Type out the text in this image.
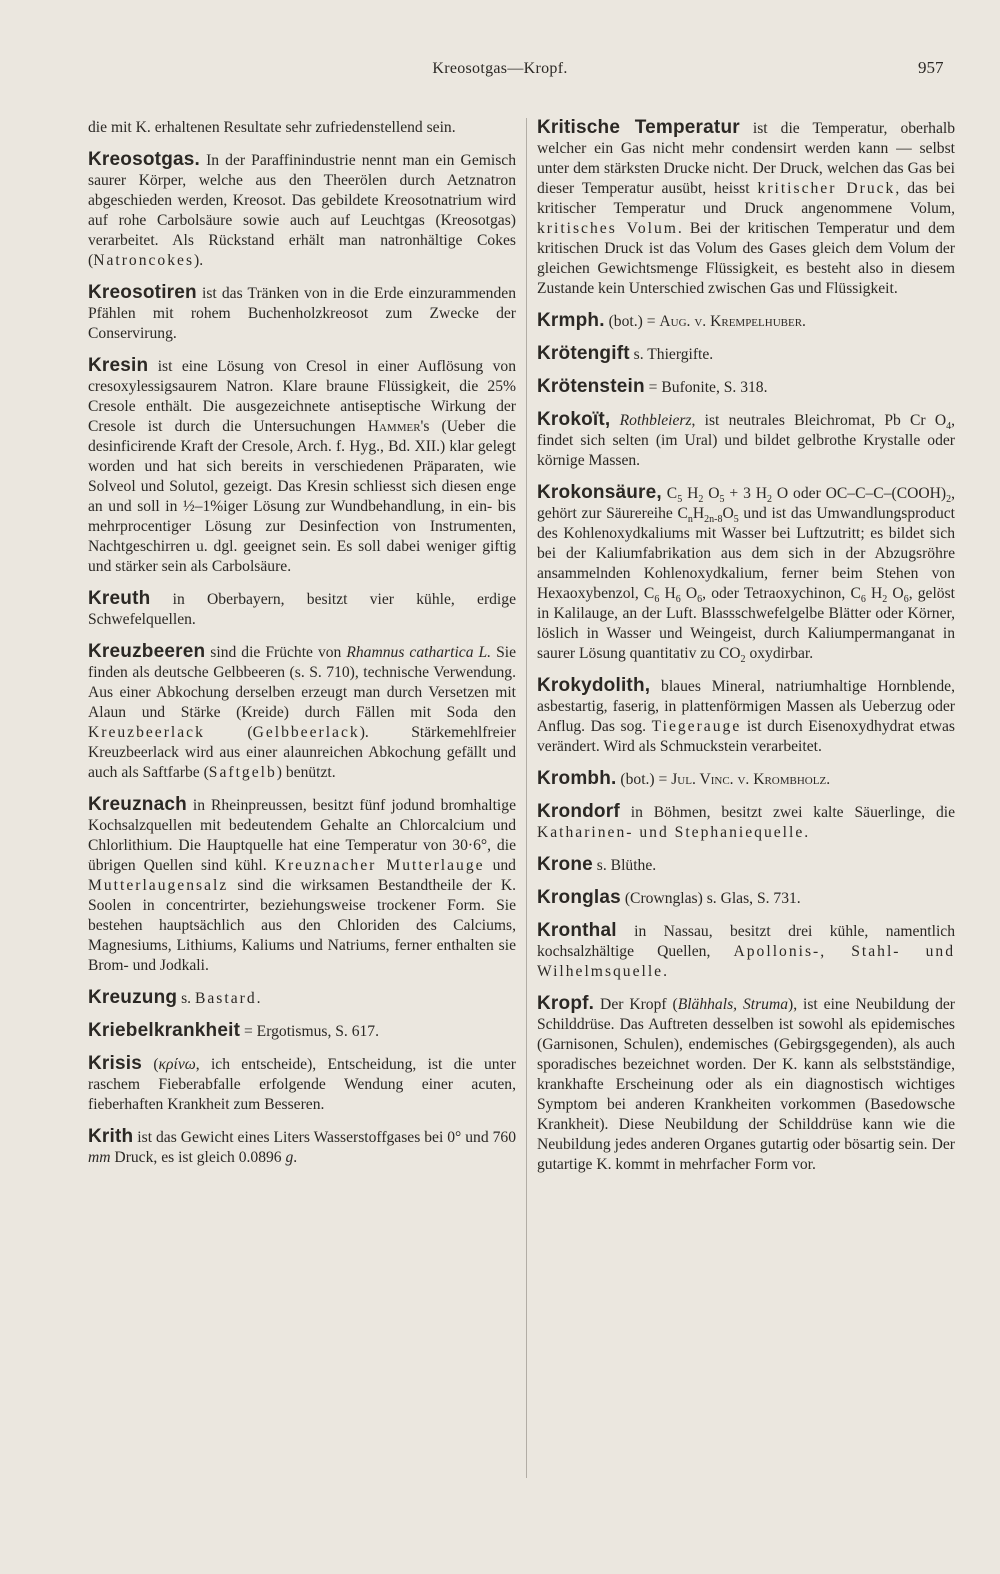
Kreosotgas—Kropf.	957

die mit K. erhaltenen Resultate sehr zufriedenstellend sein.

Kreosotgas. In der Paraffinindustrie nennt man ein Gemisch saurer Körper, welche aus den Theerölen durch Aetznatron abgeschieden werden, Kreosot. Das gebildete Kreosotnatrium wird auf rohe Carbolsäure sowie auch auf Leuchtgas (Kreosotgas) verarbeitet. Als Rückstand erhält man natronhältige Cokes (Natroncokes).

Kreosotiren ist das Tränken von in die Erde einzurammenden Pfählen mit rohem Buchenholzkreosot zum Zwecke der Conservirung.

Kresin ist eine Lösung von Cresol in einer Auflösung von cresoxylessigsaurem Natron. Klare braune Flüssigkeit, die 25% Cresole enthält. Die ausgezeichnete antiseptische Wirkung der Cresole ist durch die Untersuchungen Hammer's (Ueber die desinficirende Kraft der Cresole, Arch. f. Hyg., Bd. XII.) klar gelegt worden und hat sich bereits in verschiedenen Präparaten, wie Solveol und Solutol, gezeigt. Das Kresin schliesst sich diesen enge an und soll in ½–1%iger Lösung zur Wundbehandlung, in ein- bis mehrprocentiger Lösung zur Desinfection von Instrumenten, Nachtgeschirren u. dgl. geeignet sein. Es soll dabei weniger giftig und stärker sein als Carbolsäure.

Kreuth in Oberbayern, besitzt vier kühle, erdige Schwefelquellen.

Kreuzbeeren sind die Früchte von Rhamnus cathartica L. Sie finden als deutsche Gelbbeeren (s. S. 710), technische Verwendung. Aus einer Abkochung derselben erzeugt man durch Versetzen mit Alaun und Stärke (Kreide) durch Fällen mit Soda den Kreuzbeerlack (Gelbbeerlack). Stärkemehlfreier Kreuzbeerlack wird aus einer alaunreichen Abkochung gefällt und auch als Saftfarbe (Saftgelb) benützt.

Kreuznach in Rheinpreussen, besitzt fünf jodund bromhaltige Kochsalzquellen mit bedeutendem Gehalte an Chlorcalcium und Chlorlithium. Die Hauptquelle hat eine Temperatur von 30·6°, die übrigen Quellen sind kühl. Kreuznacher Mutterlauge und Mutterlaugensalz sind die wirksamen Bestandtheile der K. Soolen in concentrirter, beziehungsweise trockener Form. Sie bestehen hauptsächlich aus den Chloriden des Calciums, Magnesiums, Lithiums, Kaliums und Natriums, ferner enthalten sie Brom- und Jodkali.

Kreuzung s. Bastard.

Kriebelkrankheit = Ergotismus, S. 617.

Krisis (κρίνω, ich entscheide), Entscheidung, ist die unter raschem Fieberabfalle erfolgende Wendung einer acuten, fieberhaften Krankheit zum Besseren.

Krith ist das Gewicht eines Liters Wasserstoffgases bei 0° und 760 mm Druck, es ist gleich 0.0896 g.

Kritische Temperatur ist die Temperatur, oberhalb welcher ein Gas nicht mehr condensirt werden kann — selbst unter dem stärksten Drucke nicht. Der Druck, welchen das Gas bei dieser Temperatur ausübt, heisst kritischer Druck, das bei kritischer Temperatur und Druck angenommene Volum, kritisches Volum. Bei der kritischen Temperatur und dem kritischen Druck ist das Volum des Gases gleich dem Volum der gleichen Gewichtsmenge Flüssigkeit, es besteht also in diesem Zustande kein Unterschied zwischen Gas und Flüssigkeit.

Krmph. (bot.) = Aug. v. Krempelhuber.

Krötengift s. Thiergifte.

Krötenstein = Bufonite, S. 318.

Krokoït, Rothbleierz, ist neutrales Bleichromat, Pb Cr $O_4$, findet sich selten (im Ural) und bildet gelbrothe Krystalle oder körnige Massen.

Krokonsäure, $C_5$ $H_2$ $O_5 + 3$ $H_2$ O oder $OC-C-C-(COOH)_2$, gehört zur Säurereihe $C_nH_{2n-8}O_5$ und ist das Umwandlungsproduct des Kohlenoxydkaliums mit Wasser bei Luftzutritt; es bildet sich bei der Kaliumfabrikation aus dem sich in der Abzugsröhre ansammelnden Kohlenoxydkalium, ferner beim Stehen von Hexaoxybenzol, $C_6$ $H_6$ $O_6$, oder Tetraoxychinon, $C_6$ $H_2$ $O_6$, gelöst in Kalilauge, an der Luft. Blassschwefelgelbe Blätter oder Körner, löslich in Wasser und Weingeist, durch Kaliumpermanganat in saurer Lösung quantitativ zu $CO_2$ oxydirbar.

Krokydolith, blaues Mineral, natriumhaltige Hornblende, asbestartig, faserig, in plattenförmigen Massen als Ueberzug oder Anflug. Das sog. Tiegerauge ist durch Eisenoxydhydrat etwas verändert. Wird als Schmuckstein verarbeitet.

Krombh. (bot.) = Jul. Vinc. v. Krombholz.

Krondorf in Böhmen, besitzt zwei kalte Säuerlinge, die Katharinen- und Stephaniequelle.

Krone s. Blüthe.

Kronglas (Crownglas) s. Glas, S. 731.

Kronthal in Nassau, besitzt drei kühle, namentlich kochsalzhältige Quellen, Apollonis-, Stahl- und Wilhelmsquelle.

Kropf. Der Kropf (Blähhals, Struma), ist eine Neubildung der Schilddrüse. Das Auftreten desselben ist sowohl als epidemisches (Garnisonen, Schulen), endemisches (Gebirgsgegenden), als auch sporadisches bezeichnet worden. Der K. kann als selbstständige, krankhafte Erscheinung oder als ein diagnostisch wichtiges Symptom bei anderen Krankheiten vorkommen (Basedowsche Krankheit). Diese Neubildung der Schilddrüse kann wie die Neubildung jedes anderen Organes gutartig oder bösartig sein. Der gutartige K. kommt in mehrfacher Form vor.
